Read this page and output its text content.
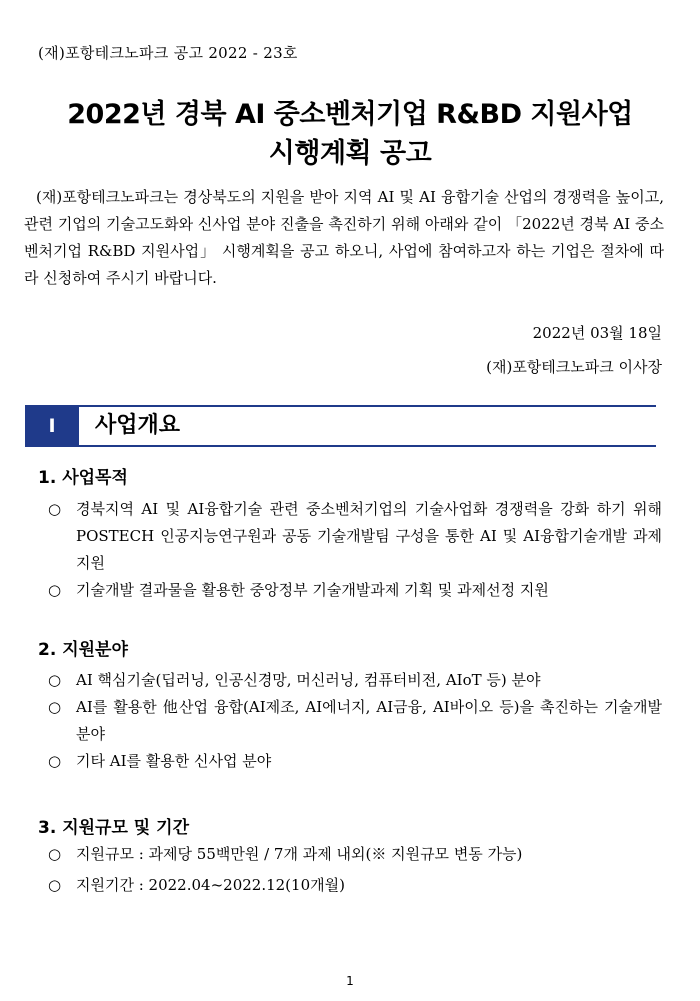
(재)포항테크노파크 공고 2022 - 23호
2022년 경북 AI 중소벤처기업 R&BD 지원사업
시행계획 공고
(재)포항테크노파크는 경상북도의 지원을 받아 지역 AI 및 AI 융합기술 산업의 경쟁력을 높이고, 관련 기업의 기술고도화와 신사업 분야 진출을 촉진하기 위해 아래와 같이 「2022년 경북 AI 중소벤처기업 R&BD 지원사업」 시행계획을 공고 하오니, 사업에 참여하고자 하는 기업은 절차에 따라 신청하여 주시기 바랍니다.
2022년 03월 18일
(재)포항테크노파크 이사장
Ⅰ	사업개요
1. 사업목적
○ 경북지역 AI 및 AI융합기술 관련 중소벤처기업의 기술사업화 경쟁력을 강화 하기 위해 POSTECH 인공지능연구원과 공동 기술개발팀 구성을 통한 AI 및 AI융합기술개발 과제 지원
○ 기술개발 결과물을 활용한 중앙정부 기술개발과제 기획 및 과제선정 지원
2. 지원분야
○ AI 핵심기술(딥러닝, 인공신경망, 머신러닝, 컴퓨터비전, AIoT 등) 분야
○ AI를 활용한 他산업 융합(AI제조, AI에너지, AI금융, AI바이오 등)을 촉진하는 기술개발 분야
○ 기타 AI를 활용한 신사업 분야
3. 지원규모 및 기간
○ 지원규모 : 과제당 55백만원 / 7개 과제 내외(※ 지원규모 변동 가능)
○ 지원기간 : 2022.04~2022.12(10개월)
1
